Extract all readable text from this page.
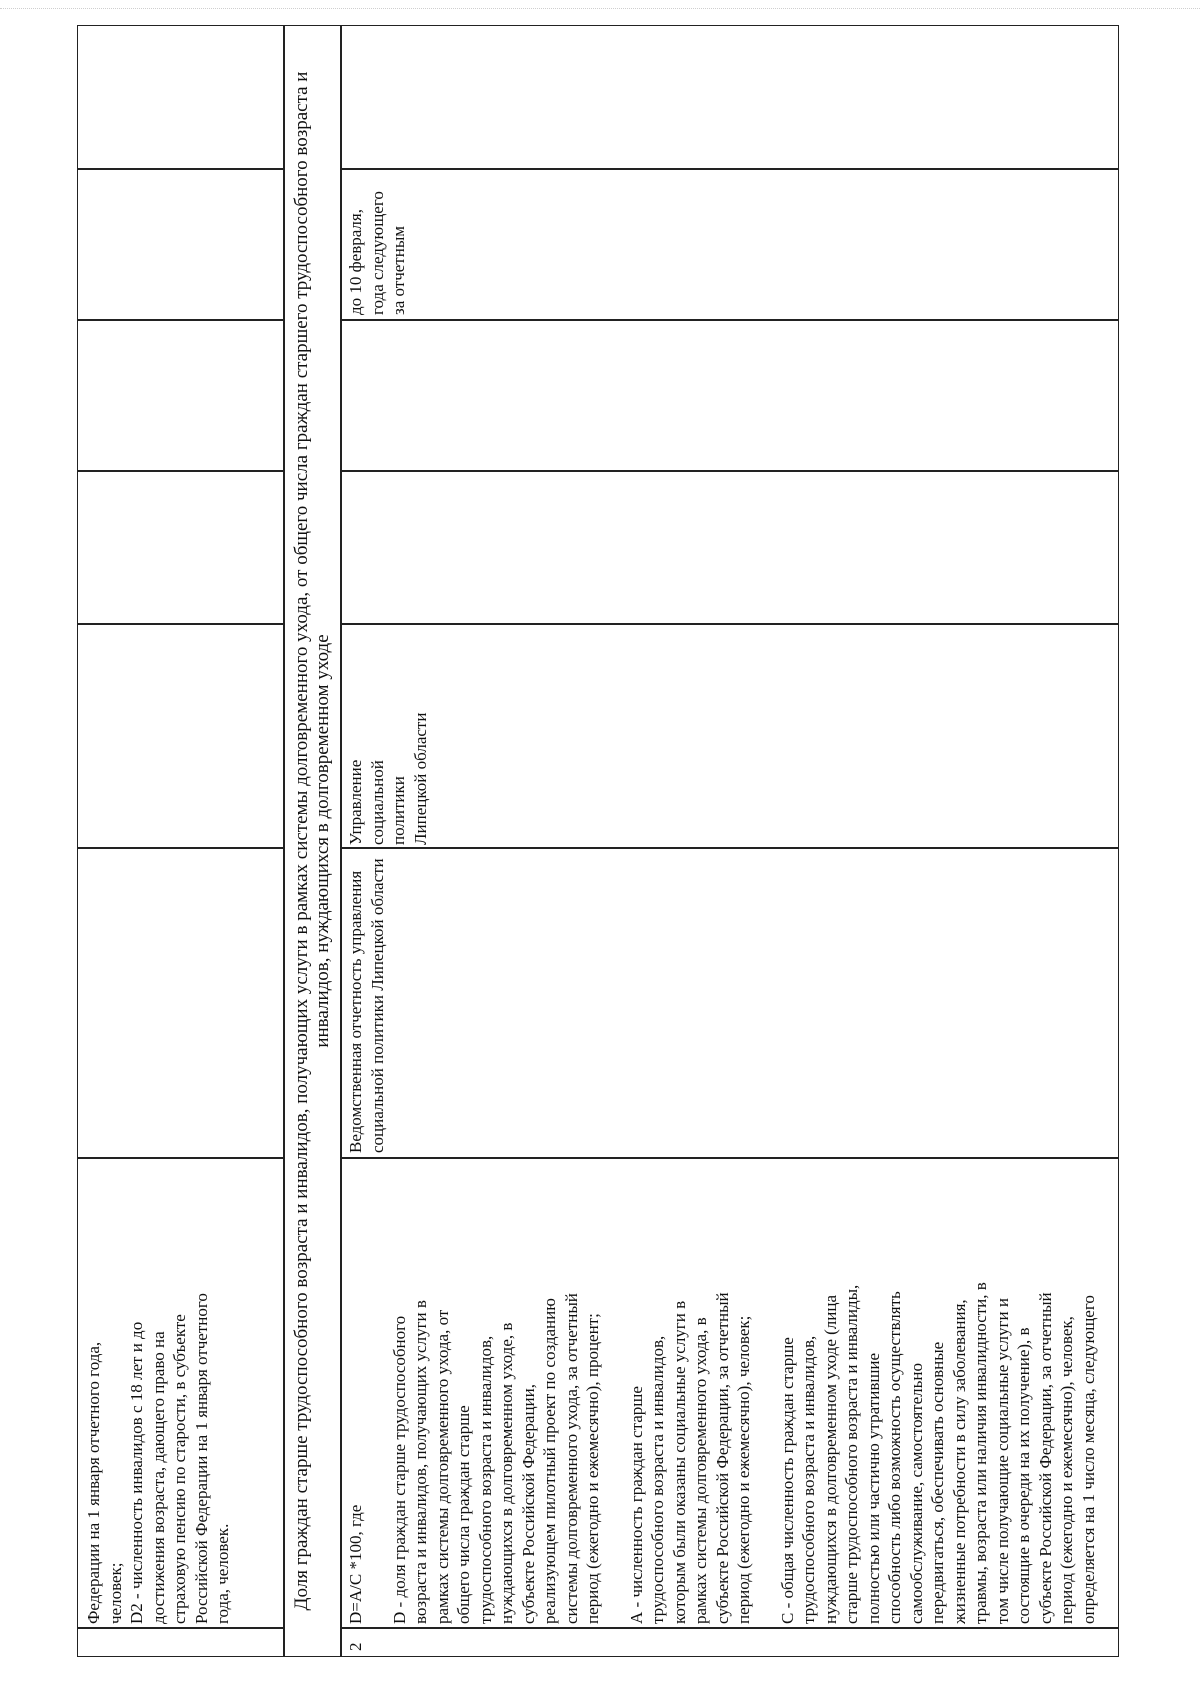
Федерации на 1 января отчетного года,
человек;
D2 - численность инвалидов с 18 лет и до
достижения возраста, дающего право на
страховую пенсию по старости, в субъекте
Российской Федерации на 1 января отчетного
года, человек.	Доля граждан старше трудоспособного возраста и инвалидов, получающих услуги в рамках системы долговременного ухода, от общего числа граждан старшего трудоспособного возраста и инвалидов, нуждающихся в долговременном уходе
2
D=A/C *100, где D - доля граждан старше трудоспособного
возраста и инвалидов, получающих услуги в
рамках системы долговременного ухода, от
общего числа граждан старше
трудоспособного возраста и инвалидов,
нуждающихся в долговременном уходе, в
субъекте Российской Федерации,
реализующем пилотный проект по созданию
системы долговременного ухода, за отчетный
период (ежегодно и ежемесячно), процент;
А - численность граждан старше
трудоспособного возраста и инвалидов,
которым были оказаны социальные услуги в
рамках системы долговременного ухода, в
субъекте Российской Федерации, за отчетный
период (ежегодно и ежемесячно), человек;
С - общая численность граждан старше
трудоспособного возраста и инвалидов,
нуждающихся в долговременном уходе (лица
старше трудоспособного возраста и инвалиды,
полностью или частично утратившие
способность либо возможность осуществлять
самообслуживание, самостоятельно
передвигаться, обеспечивать основные
жизненные потребности в силу заболевания,
травмы, возраста или наличия инвалидности, в
том числе получающие социальные услуги и
состоящие в очереди на их получение), в
субъекте Российской Федерации, за отчетный
период (ежегодно и ежемесячно), человек,
определяется на 1 число месяца, следующего
Ведомственная отчетность управления
социальной политики Липецкой области
Управление
социальной
политики
Липецкой области
до 10 февраля,
года следующего
за отчетным
